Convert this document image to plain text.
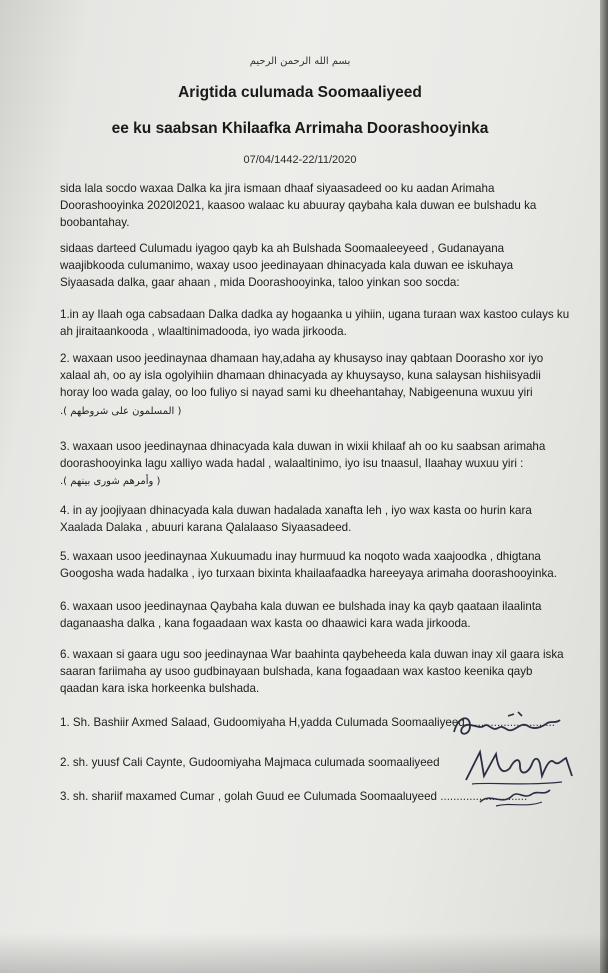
بسم الله الرحمن الرحيم
Arigtida culumada Soomaaliyeed
ee ku saabsan Khilaafka Arrimaha Doorashooyinka
07/04/1442-22/11/2020
sida lala socdo waxaa Dalka ka jira ismaan dhaaf siyaasadeed oo ku aadan Arimaha Doorashooyinka 2020l2021, kaasoo walaac ku abuuray qaybaha kala duwan ee bulshadu ka boobantahay.
sidaas darteed Culumadu iyagoo qayb ka ah Bulshada Soomaaleeyeed , Gudanayana waajibkooda culumanimo, waxay usoo jeedinayaan dhinacyada kala duwan ee iskuhaya Siyaasada dalka, gaar ahaan , mida Doorashooyinka, taloo yinkan soo socda:
1.in ay Ilaah oga cabsadaan Dalka dadka ay hogaanka u yihiin, ugana turaan wax kastoo culays ku ah jiraitaankooda , wlaaltinimadooda, iyo wada jirkooda.
2. waxaan usoo jeedinaynaa dhamaan hay,adaha ay khusayso inay qabtaan Doorasho xor iyo xalaal ah, oo ay isla ogolyihiin dhamaan dhinacyada ay khuysayso, kuna salaysan hishiisyadii horay loo wada galay, oo loo fuliyo si nayad sami ku dheehantahay, Nabigeenuna wuxuu yiri
( المسلمون على شروطهم ).
3. waxaan usoo jeedinaynaa dhinacyada kala duwan in wixii khilaaf ah oo ku saabsan arimaha doorashooyinka lagu xalliyo wada hadal , walaaltinimo, iyo isu tnaasul, Ilaahay wuxuu yiri :
( وأمرهم شورى بينهم ).
4. in ay joojiyaan dhinacyada kala duwan hadalada xanafta leh , iyo wax kasta oo hurin kara Xaalada Dalaka , abuuri karana Qalalaaso Siyaasadeed.
5. waxaan usoo jeedinaynaa Xukuumadu inay hurmuud ka noqoto wada xaajoodka , dhigtana Googosha wada hadalka , iyo turxaan bixinta khailaafaadka hareeyaya arimaha doorashooyinka.
6. waxaan usoo jeedinaynaa Qaybaha kala duwan ee bulshada inay ka qayb qaataan ilaalinta daganaasha dalka , kana fogaadaan wax kasta oo dhaawici kara wada jirkooda.
6. waxaan si gaara ugu soo jeedinaynaa War baahinta qaybeheeda kala duwan inay xil gaara iska saaran fariimaha ay usoo gudbinayaan bulshada, kana fogaadaan wax kastoo keenika qayb qaadan kara iska horkeenka bulshada.
1. Sh. Bashiir Axmed Salaad, Gudoomiyaha H,yadda Culumada Soomaaliyeed ...........................
2. sh. yuusf Cali Caynte, Gudoomiyaha Majmaca culumada soomaaliyeed
3. sh. shariif maxamed Cumar , golah Guud ee Culumada Soomaaluyeed ...........................
